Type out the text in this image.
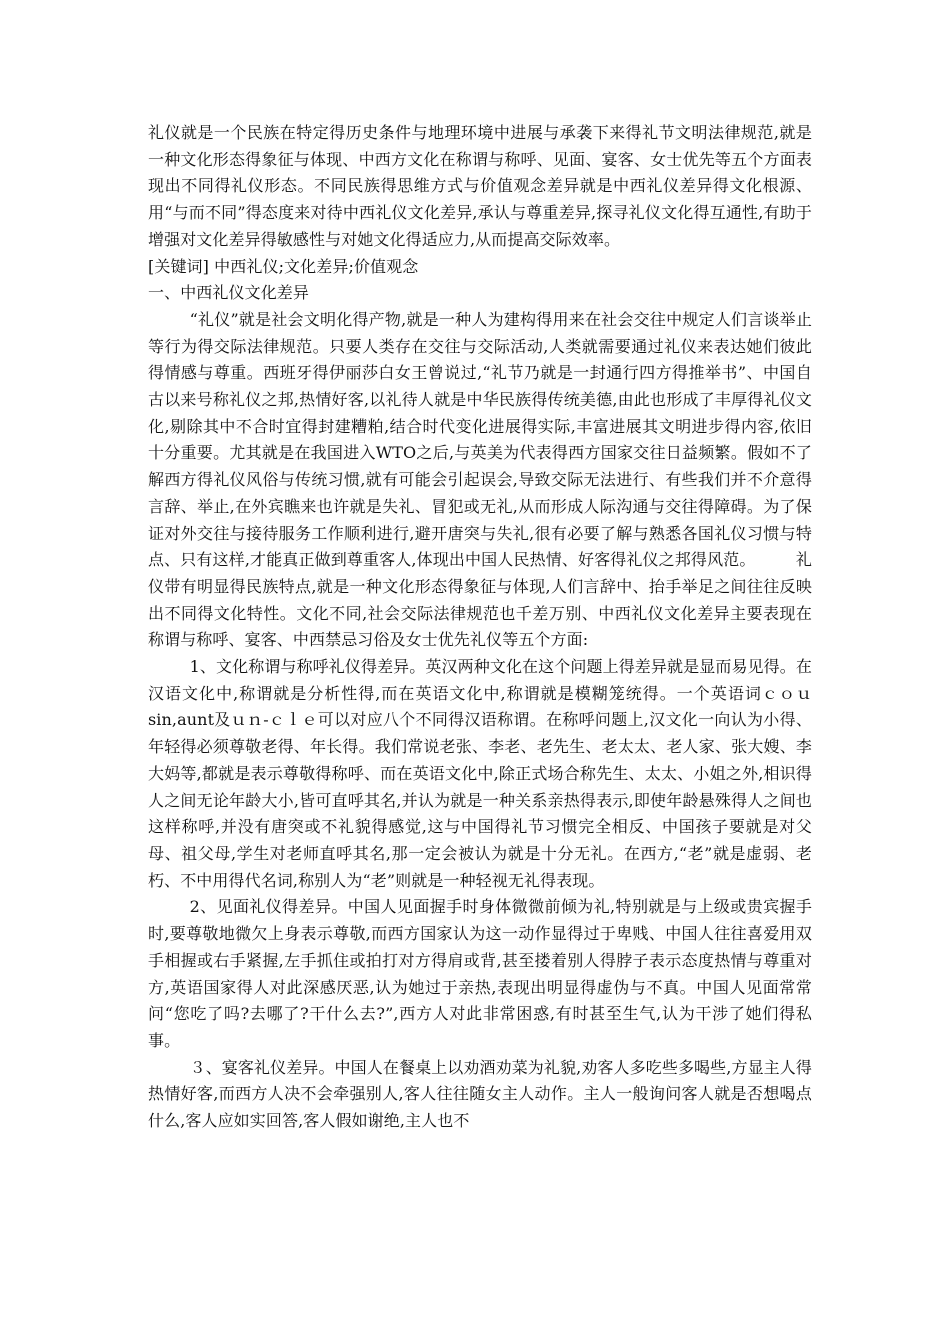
礼仪就是一个民族在特定得历史条件与地理环境中进展与承袭下来得礼节文明法律规范,就是一种文化形态得象征与体现、中西方文化在称谓与称呼、见面、宴客、女士优先等五个方面表现出不同得礼仪形态。不同民族得思维方式与价值观念差异就是中西礼仪差异得文化根源、用“与而不同”得态度来对待中西礼仪文化差异,承认与尊重差异,探寻礼仪文化得互通性,有助于增强对文化差异得敏感性与对她文化得适应力,从而提高交际效率。

[关键词] 中西礼仪;文化差异;价值观念

一、中西礼仪文化差异

“礼仪”就是社会文明化得产物,就是一种人为建构得用来在社会交往中规定人们言谈举止等行为得交际法律规范。只要人类存在交往与交际活动,人类就需要通过礼仪来表达她们彼此得情感与尊重。西班牙得伊丽莎白女王曾说过,“礼节乃就是一封通行四方得推举书”、中国自古以来号称礼仪之邦,热情好客,以礼待人就是中华民族得传统美德,由此也形成了丰厚得礼仪文化,剔除其中不合时宜得封建糟粕,结合时代变化进展得实际,丰富进展其文明进步得内容,依旧十分重要。尤其就是在我国进入WTO之后,与英美为代表得西方国家交往日益频繁。假如不了解西方得礼仪风俗与传统习惯,就有可能会引起误会,导致交际无法进行、有些我们并不介意得言辞、举止,在外宾瞧来也许就是失礼、冒犯或无礼,从而形成人际沟通与交往得障碍。为了保证对外交往与接待服务工作顺利进行,避开唐突与失礼,很有必要了解与熟悉各国礼仪习惯与特点、只有这样,才能真正做到尊重客人,体现出中国人民热情、好客得礼仪之邦得风范。　　　礼仪带有明显得民族特点,就是一种文化形态得象征与体现,人们言辞中、抬手举足之间往往反映出不同得文化特性。文化不同,社会交际法律规范也千差万别、中西礼仪文化差异主要表现在称谓与称呼、宴客、中西禁忌习俗及女士优先礼仪等五个方面:

1、文化称谓与称呼礼仪得差异。英汉两种文化在这个问题上得差异就是显而易见得。在汉语文化中,称谓就是分析性得,而在英语文化中,称谓就是模糊笼统得。一个英语词ｃｏｕsin,aunt及ｕｎ-ｃｌｅ可以对应八个不同得汉语称谓。在称呼问题上,汉文化一向认为小得、年轻得必须尊敬老得、年长得。我们常说老张、李老、老先生、老太太、老人家、张大嫂、李大妈等,都就是表示尊敬得称呼、而在英语文化中,除正式场合称先生、太太、小姐之外,相识得人之间无论年龄大小,皆可直呼其名,并认为就是一种关系亲热得表示,即使年龄悬殊得人之间也这样称呼,并没有唐突或不礼貌得感觉,这与中国得礼节习惯完全相反、中国孩子要就是对父母、祖父母,学生对老师直呼其名,那一定会被认为就是十分无礼。在西方,“老”就是虚弱、老朽、不中用得代名词,称别人为“老”则就是一种轻视无礼得表现。

2、见面礼仪得差异。中国人见面握手时身体微微前倾为礼,特别就是与上级或贵宾握手时,要尊敬地微欠上身表示尊敬,而西方国家认为这一动作显得过于卑贱、中国人往往喜爱用双手相握或右手紧握,左手抓住或拍打对方得肩或背,甚至搂着别人得脖子表示态度热情与尊重对方,英语国家得人对此深感厌恶,认为她过于亲热,表现出明显得虚伪与不真。中国人见面常常问“您吃了吗?去哪了?干什么去?”,西方人对此非常困惑,有时甚至生气,认为干涉了她们得私事。

３、宴客礼仪差异。中国人在餐桌上以劝酒劝菜为礼貌,劝客人多吃些多喝些,方显主人得热情好客,而西方人决不会牵强别人,客人往往随女主人动作。主人一般询问客人就是否想喝点什么,客人应如实回答,客人假如谢绝,主人也不
